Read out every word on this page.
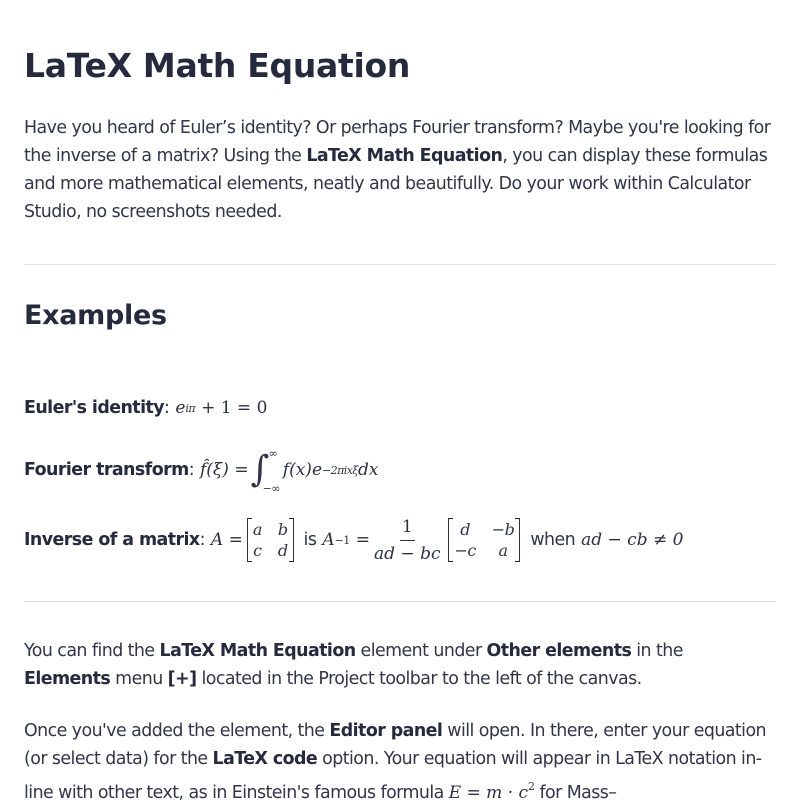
LaTeX Math Equation

Have you heard of Euler’s identity? Or perhaps Fourier transform? Maybe you're looking for the inverse of a matrix? Using the LaTeX Math Equation, you can display these formulas and more mathematical elements, neatly and beautifully. Do your work within Calculator Studio, no screenshots needed.

Examples
Euler's identity : e iπ + 1 = 0
Fourier transform : f̂(ξ) = ∫ ∞
−∞
f(x)e −2πixξ dx
Inverse of a matrix : A =
a b
c d
is $A -1 = \frac{1}{ad - bc}$	d	−b
−c	a
when ad − cb ≠ 0

You can find the LaTeX Math Equation element under Other elements in the
Elements menu [+] located in the Project toolbar to the left of the canvas.

Once you've added the element, the Editor panel will open. In there, enter your equation (or select data) for the LaTeX code option. Your equation will appear in LaTeX notation in-line with other text, as in Einstein's famous formula $E = m \cdot c^2$ for Mass–
